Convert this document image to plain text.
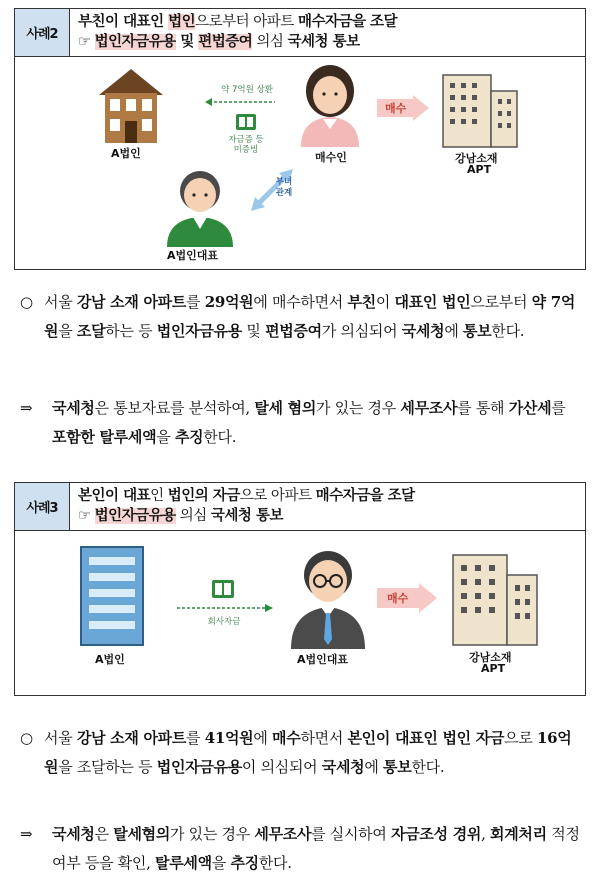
사례2
부친이 대표인 법인으로부터 아파트 매수자금을 조달
☞ 법인자금유용 및 편법증여 의심 국세청 통보
A법인
약 7억원 상환
자금증 등
미증빙
매수인
매수
강남소재
APT
부녀
관계
A법인대표
○ 서울 강남 소재 아파트를 29억원에 매수하면서 부친이 대표인 법인으로부터 약 7억원을 조달하는 등 법인자금유용 및 편법증여가 의심되어 국세청에 통보한다.
⇒	국세청은 통보자료를 분석하여, 탈세 혐의가 있는 경우 세무조사를 통해 가산세를 포함한 탈루세액을 추징한다.
사례3
본인이 대표인 법인의 자금으로 아파트 매수자금을 조달
☞ 법인자금유용 의심 국세청 통보
A법인
회사자금
A법인대표
매수
강남소재
APT
○ 서울 강남 소재 아파트를 41억원에 매수하면서 본인이 대표인 법인 자금으로 16억원을 조달하는 등 법인자금유용이 의심되어 국세청에 통보한다.
⇒	국세청은 탈세혐의가 있는 경우 세무조사를 실시하여 자금조성 경위, 회계처리 적정여부 등을 확인, 탈루세액을 추징한다.
